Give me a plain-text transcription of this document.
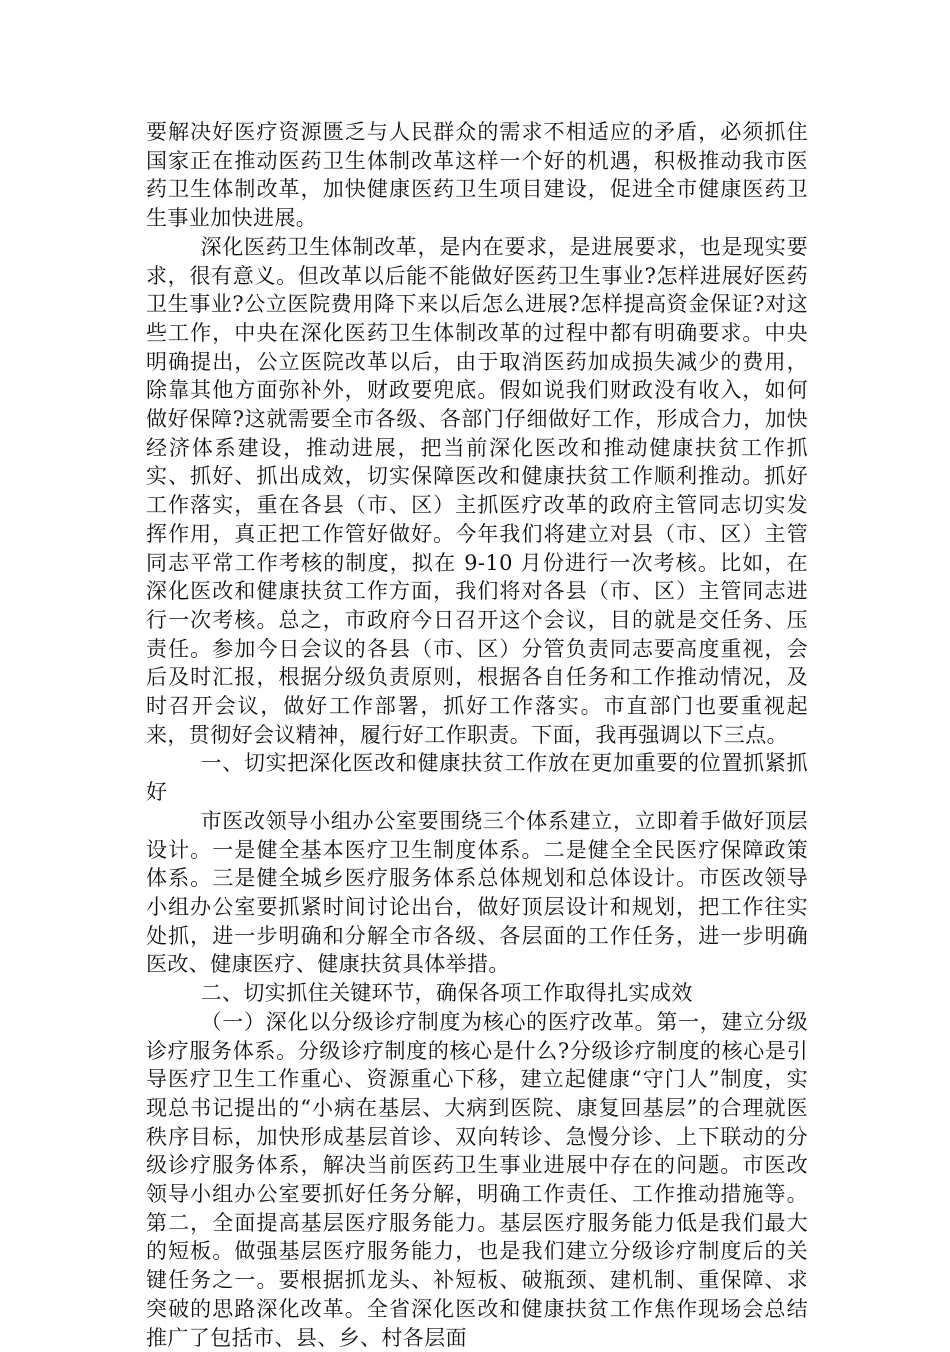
要解决好医疗资源匮乏与人民群众的需求不相适应的矛盾，必须抓住国家正在推动医药卫生体制改革这样一个好的机遇，积极推动我市医药卫生体制改革，加快健康医药卫生项目建设，促进全市健康医药卫生事业加快进展。

深化医药卫生体制改革，是内在要求，是进展要求，也是现实要求，很有意义。但改革以后能不能做好医药卫生事业?怎样进展好医药卫生事业?公立医院费用降下来以后怎么进展?怎样提高资金保证?对这些工作，中央在深化医药卫生体制改革的过程中都有明确要求。中央明确提出，公立医院改革以后，由于取消医药加成损失减少的费用，除靠其他方面弥补外，财政要兜底。假如说我们财政没有收入，如何做好保障?这就需要全市各级、各部门仔细做好工作，形成合力，加快经济体系建设，推动进展，把当前深化医改和推动健康扶贫工作抓实、抓好、抓出成效，切实保障医改和健康扶贫工作顺利推动。抓好工作落实，重在各县（市、区）主抓医疗改革的政府主管同志切实发挥作用，真正把工作管好做好。今年我们将建立对县（市、区）主管同志平常工作考核的制度，拟在 9-10 月份进行一次考核。比如，在深化医改和健康扶贫工作方面，我们将对各县（市、区）主管同志进行一次考核。总之，市政府今日召开这个会议，目的就是交任务、压责任。参加今日会议的各县（市、区）分管负责同志要高度重视，会后及时汇报，根据分级负责原则，根据各自任务和工作推动情况，及时召开会议，做好工作部署，抓好工作落实。市直部门也要重视起来，贯彻好会议精神，履行好工作职责。下面，我再强调以下三点。

一、切实把深化医改和健康扶贫工作放在更加重要的位置抓紧抓好

市医改领导小组办公室要围绕三个体系建立，立即着手做好顶层设计。一是健全基本医疗卫生制度体系。二是健全全民医疗保障政策体系。三是健全城乡医疗服务体系总体规划和总体设计。市医改领导小组办公室要抓紧时间讨论出台，做好顶层设计和规划，把工作往实处抓，进一步明确和分解全市各级、各层面的工作任务，进一步明确医改、健康医疗、健康扶贫具体举措。

二、切实抓住关键环节，确保各项工作取得扎实成效

（一）深化以分级诊疗制度为核心的医疗改革。第一，建立分级诊疗服务体系。分级诊疗制度的核心是什么?分级诊疗制度的核心是引导医疗卫生工作重心、资源重心下移，建立起健康“守门人”制度，实现总书记提出的“小病在基层、大病到医院、康复回基层”的合理就医秩序目标，加快形成基层首诊、双向转诊、急慢分诊、上下联动的分级诊疗服务体系，解决当前医药卫生事业进展中存在的问题。市医改领导小组办公室要抓好任务分解，明确工作责任、工作推动措施等。第二，全面提高基层医疗服务能力。基层医疗服务能力低是我们最大的短板。做强基层医疗服务能力，也是我们建立分级诊疗制度后的关键任务之一。要根据抓龙头、补短板、破瓶颈、建机制、重保障、求突破的思路深化改革。全省深化医改和健康扶贫工作焦作现场会总结推广了包括市、县、乡、村各层面
